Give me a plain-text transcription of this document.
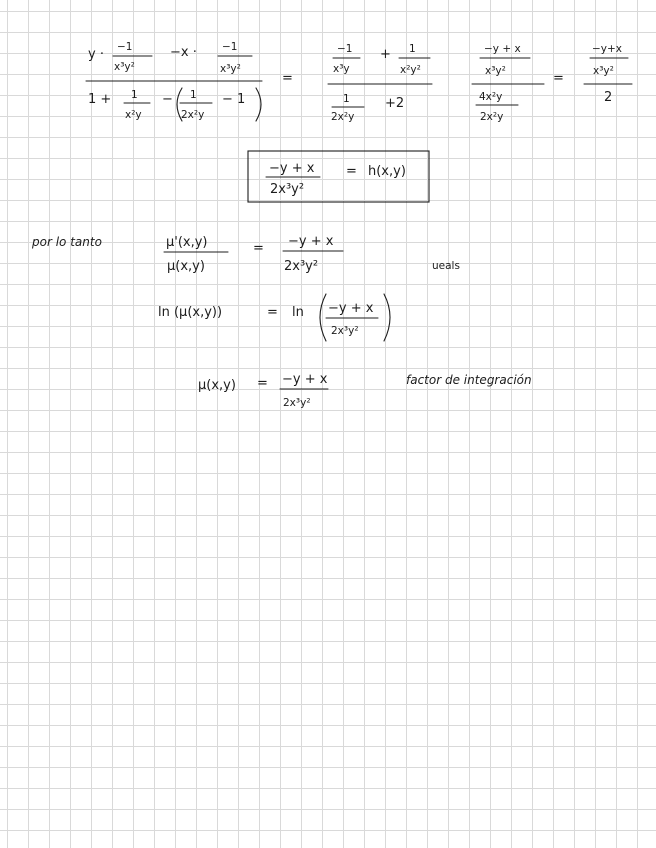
y · −1
x³y²
−x · −1
x³y²
1 + 1
x²y
− 1
2x²y
− 1
=
−1
x³y
+ 1
x²y²
1
2x²y
+2
−y + x
x³y²
4x²y
2x²y
=
−y+x
x³y²
2
−y + x
2x³y²
= h(x,y)
por lo tanto	μ'(x,y)
μ(x,y)
= −y + x
2x³y²	ueals
ln (μ(x,y))	= ln −y + x
2x³y²
μ(x,y) = −y + x
2x³y²
factor de integración
